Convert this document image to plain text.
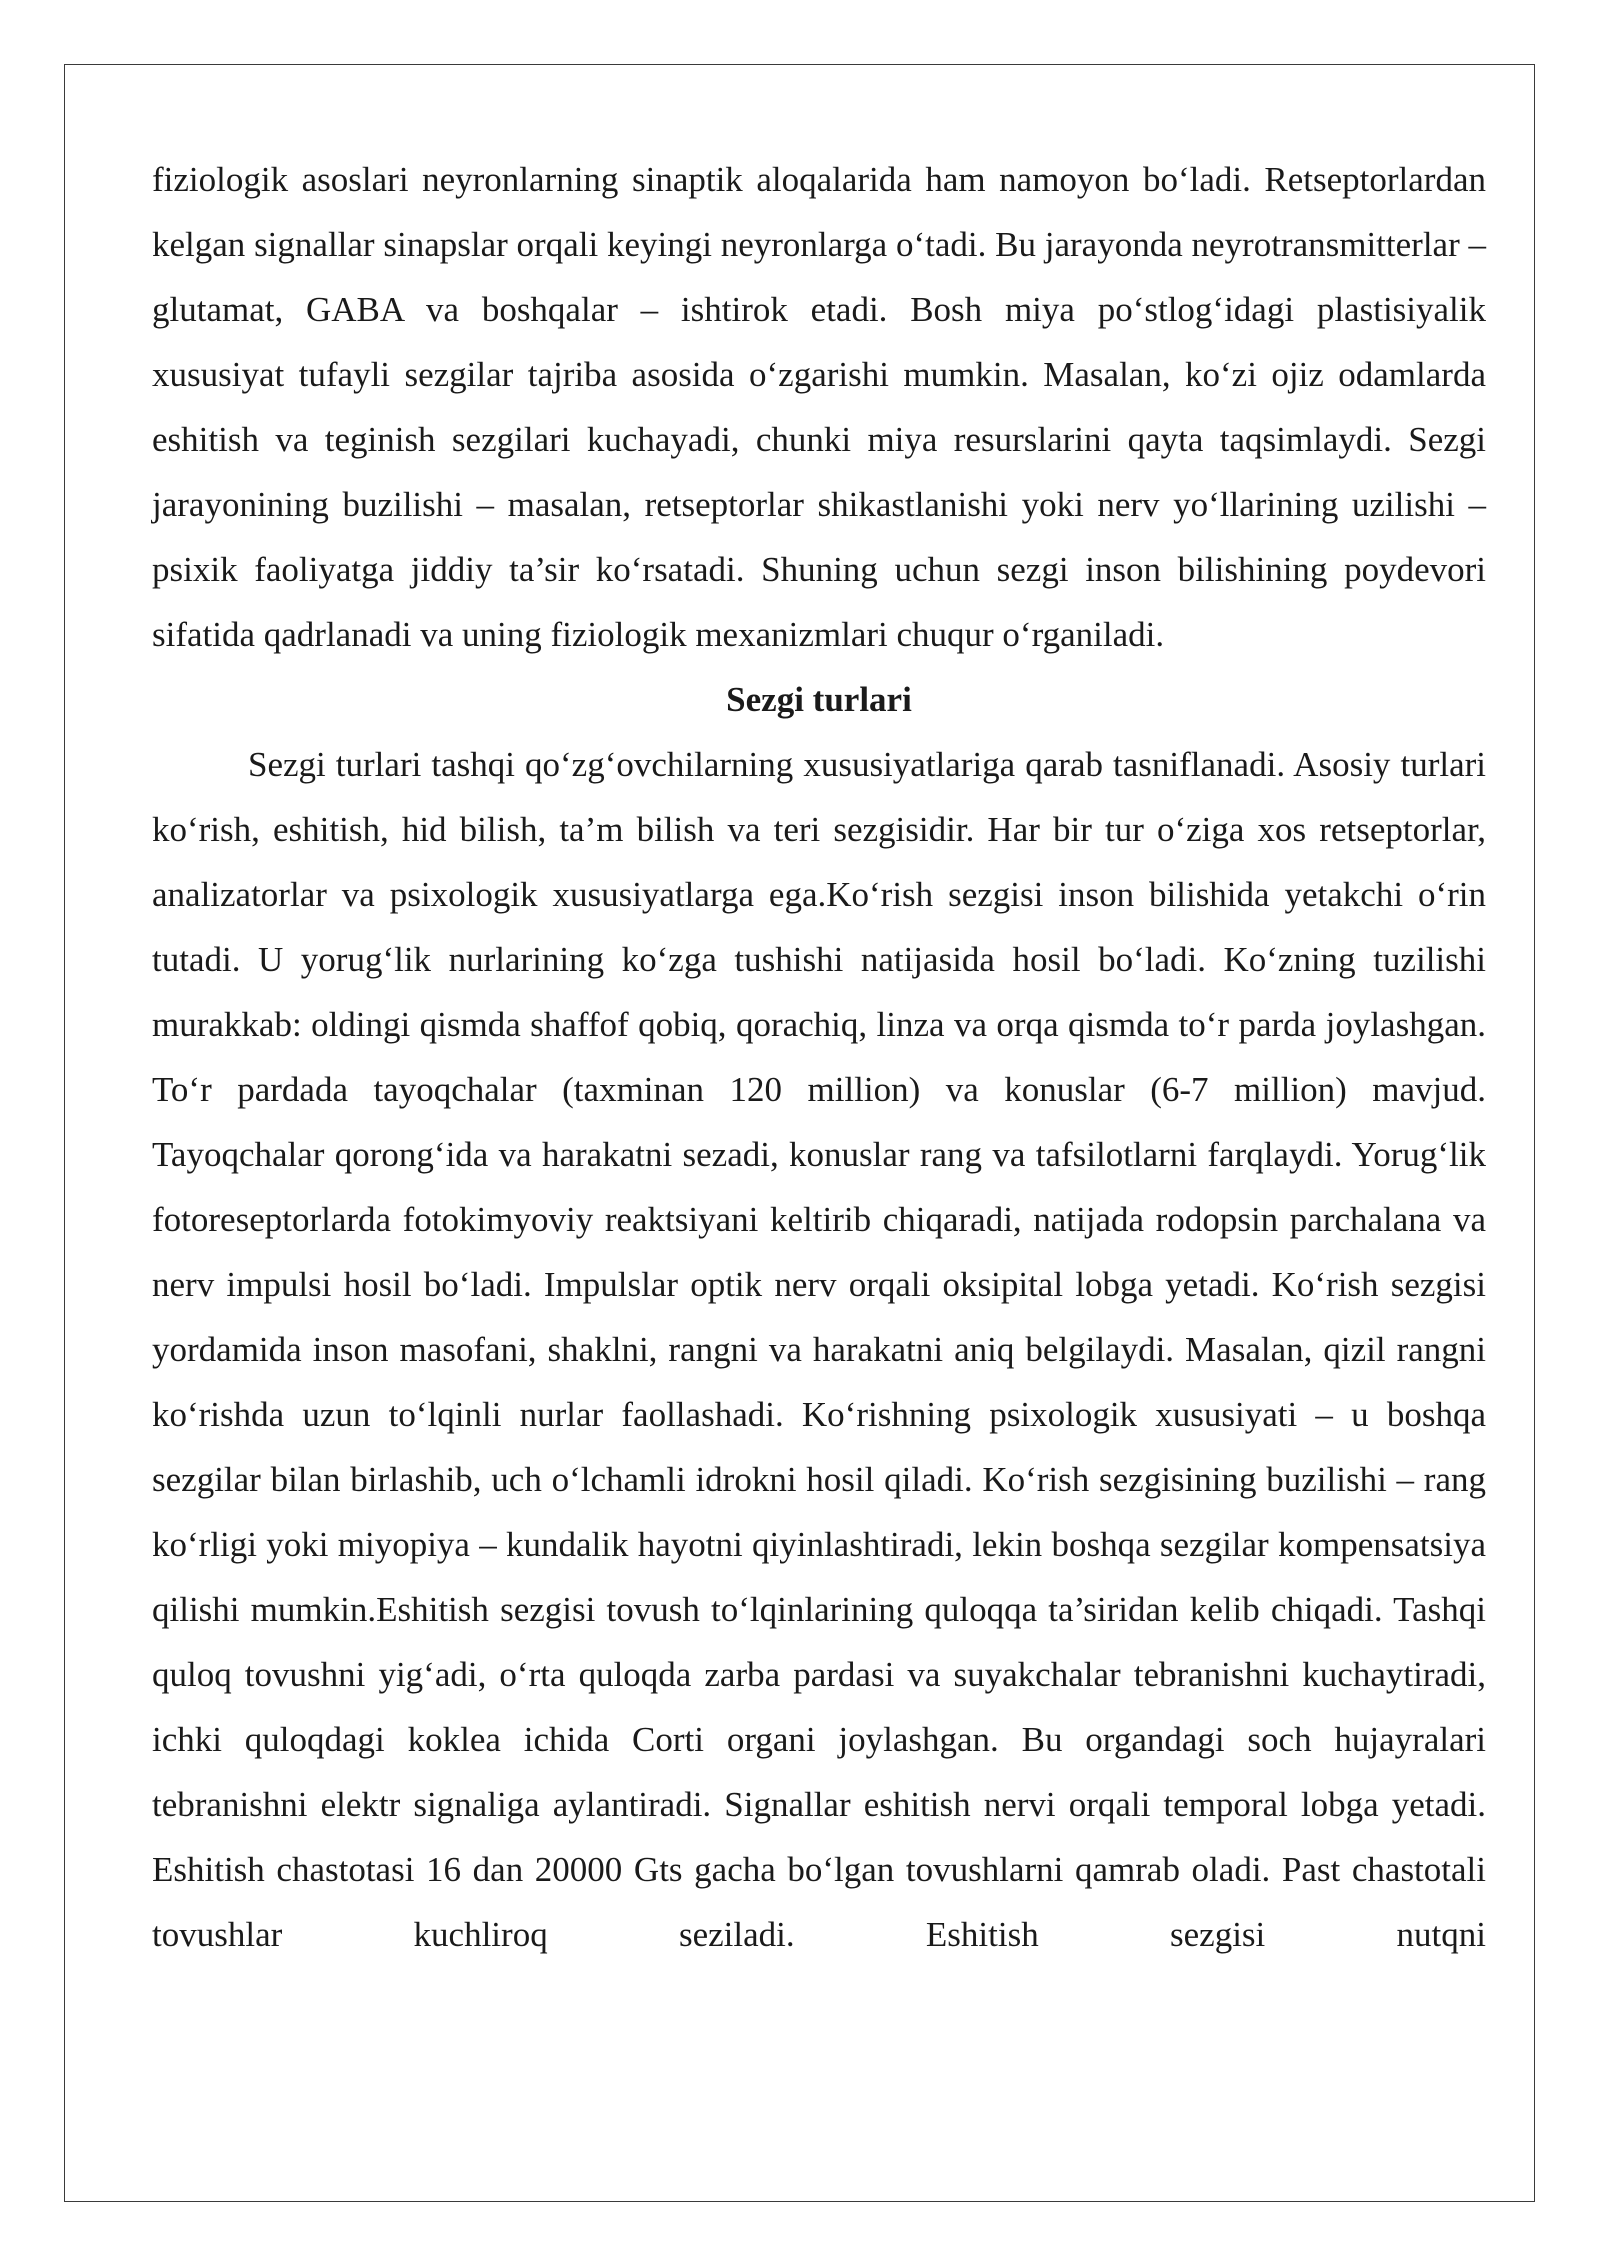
fiziologik asoslari neyronlarning sinaptik aloqalarida ham namoyon bo‘ladi. Retseptorlardan kelgan signallar sinapslar orqali keyingi neyronlarga o‘tadi. Bu jarayonda neyrotransmitterlar – glutamat, GABA va boshqalar – ishtirok etadi. Bosh miya po‘stlog‘idagi plastisiyalik xususiyat tufayli sezgilar tajriba asosida o‘zgarishi mumkin. Masalan, ko‘zi ojiz odamlarda eshitish va teginish sezgilari kuchayadi, chunki miya resurslarini qayta taqsimlaydi. Sezgi jarayonining buzilishi – masalan, retseptorlar shikastlanishi yoki nerv yo‘llarining uzilishi – psixik faoliyatga jiddiy ta’sir ko‘rsatadi. Shuning uchun sezgi inson bilishining poydevori sifatida qadrlanadi va uning fiziologik mexanizmlari chuqur o‘rganiladi.

Sezgi turlari

Sezgi turlari tashqi qo‘zg‘ovchilarning xususiyatlariga qarab tasniflanadi. Asosiy turlari ko‘rish, eshitish, hid bilish, ta’m bilish va teri sezgisidir. Har bir tur o‘ziga xos retseptorlar, analizatorlar va psixologik xususiyatlarga ega.Ko‘rish sezgisi inson bilishida yetakchi o‘rin tutadi. U yorug‘lik nurlarining ko‘zga tushishi natijasida hosil bo‘ladi. Ko‘zning tuzilishi murakkab: oldingi qismda shaffof qobiq, qorachiq, linza va orqa qismda to‘r parda joylashgan. To‘r pardada tayoqchalar (taxminan 120 million) va konuslar (6-7 million) mavjud. Tayoqchalar qorong‘ida va harakatni sezadi, konuslar rang va tafsilotlarni farqlaydi. Yorug‘lik fotoreseptorlarda fotokimyoviy reaktsiyani keltirib chiqaradi, natijada rodopsin parchalana va nerv impulsi hosil bo‘ladi. Impulslar optik nerv orqali oksipital lobga yetadi. Ko‘rish sezgisi yordamida inson masofani, shaklni, rangni va harakatni aniq belgilaydi. Masalan, qizil rangni ko‘rishda uzun to‘lqinli nurlar faollashadi. Ko‘rishning psixologik xususiyati – u boshqa sezgilar bilan birlashib, uch o‘lchamli idrokni hosil qiladi. Ko‘rish sezgisining buzilishi – rang ko‘rligi yoki miyopiya – kundalik hayotni qiyinlashtiradi, lekin boshqa sezgilar kompensatsiya qilishi mumkin.Eshitish sezgisi tovush to‘lqinlarining quloqqa ta’siridan kelib chiqadi. Tashqi quloq tovushni yig‘adi, o‘rta quloqda zarba pardasi va suyakchalar tebranishni kuchaytiradi, ichki quloqdagi koklea ichida Corti organi joylashgan. Bu organdagi soch hujayralari tebranishni elektr signaliga aylantiradi. Signallar eshitish nervi orqali temporal lobga yetadi. Eshitish chastotasi 16 dan 20000 Gts gacha bo‘lgan tovushlarni qamrab oladi. Past chastotali tovushlar kuchliroq seziladi. Eshitish sezgisi nutqni
